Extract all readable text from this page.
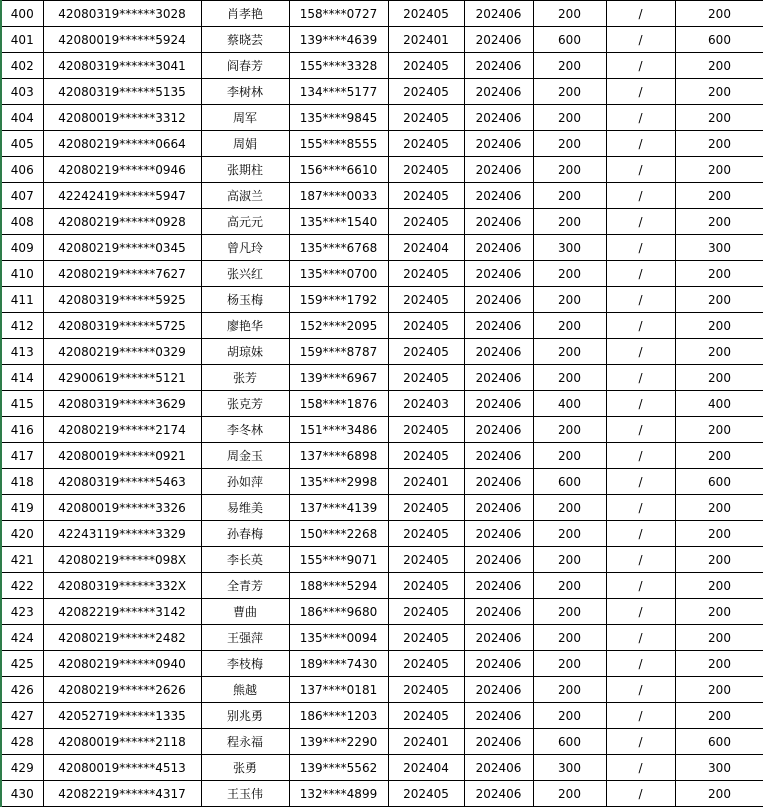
400	42080319******3028	肖孝艳	158****0727	202405	202406	200	/	200
401	42080019******5924	蔡晓芸	139****4639	202401	202406	600	/	600
402	42080319******3041	阎春芳	155****3328	202405	202406	200	/	200
403	42080319******5135	李树林	134****5177	202405	202406	200	/	200
404	42080019******3312	周军	135****9845	202405	202406	200	/	200
405	42080219******0664	周娟	155****8555	202405	202406	200	/	200
406	42080219******0946	张期柱	156****6610	202405	202406	200	/	200
407	42242419******5947	高淑兰	187****0033	202405	202406	200	/	200
408	42080219******0928	高元元	135****1540	202405	202406	200	/	200
409	42080219******0345	曾凡玲	135****6768	202404	202406	300	/	300
410	42080219******7627	张兴红	135****0700	202405	202406	200	/	200
411	42080319******5925	杨玉梅	159****1792	202405	202406	200	/	200
412	42080319******5725	廖艳华	152****2095	202405	202406	200	/	200
413	42080219******0329	胡琼妹	159****8787	202405	202406	200	/	200
414	42900619******5121	张芳	139****6967	202405	202406	200	/	200
415	42080319******3629	张克芳	158****1876	202403	202406	400	/	400
416	42080219******2174	李冬林	151****3486	202405	202406	200	/	200
417	42080019******0921	周金玉	137****6898	202405	202406	200	/	200
418	42080319******5463	孙如萍	135****2998	202401	202406	600	/	600
419	42080019******3326	易维美	137****4139	202405	202406	200	/	200
420	42243119******3329	孙春梅	150****2268	202405	202406	200	/	200
421	42080219******098X	李长英	155****9071	202405	202406	200	/	200
422	42080319******332X	全青芳	188****5294	202405	202406	200	/	200
423	42082219******3142	曹曲	186****9680	202405	202406	200	/	200
424	42080219******2482	王强萍	135****0094	202405	202406	200	/	200
425	42080219******0940	李枝梅	189****7430	202405	202406	200	/	200
426	42080219******2626	熊越	137****0181	202405	202406	200	/	200
427	42052719******1335	别兆勇	186****1203	202405	202406	200	/	200
428	42080019******2118	程永福	139****2290	202401	202406	600	/	600
429	42080019******4513	张勇	139****5562	202404	202406	300	/	300
430	42082219******4317	王玉伟	132****4899	202405	202406	200	/	200
